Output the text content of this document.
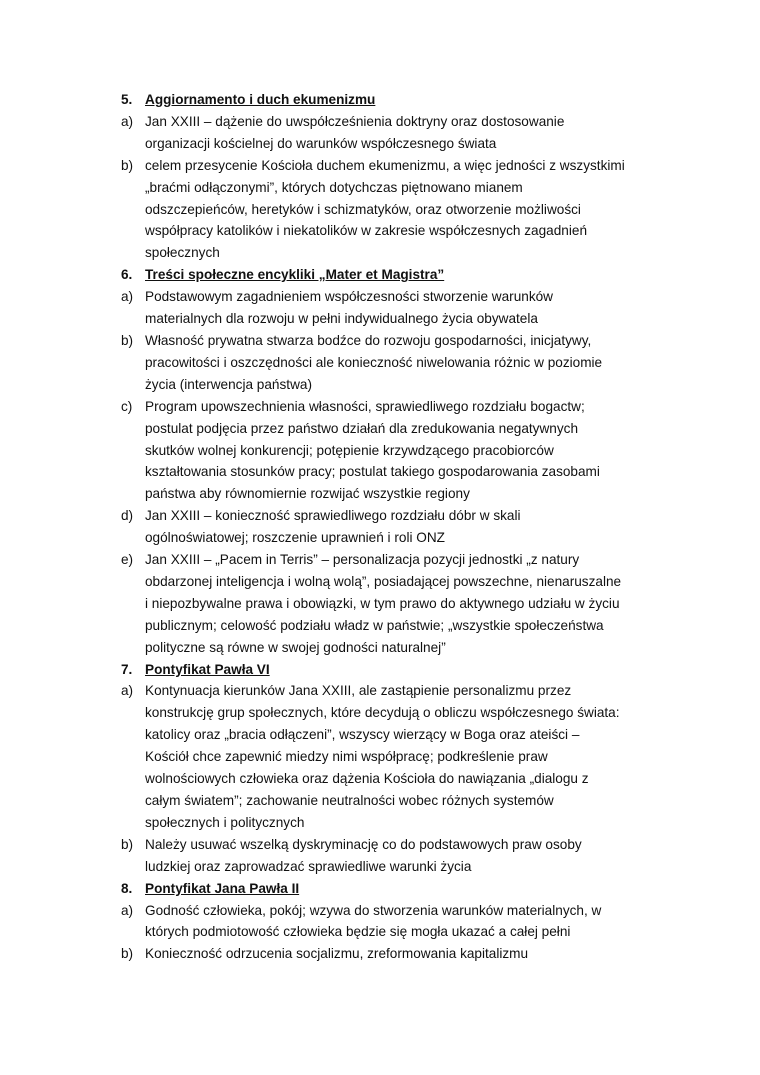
5. Aggiornamento i duch ekumenizmu
a) Jan XXIII – dążenie do uwspółcześnienia doktryny oraz dostosowanie organizacji kościelnej do warunków współczesnego świata
b) celem przesycenie Kościoła duchem ekumenizmu, a więc jedności z wszystkimi „braćmi odłączonymi”, których dotychczas piętnowano mianem odszczepieńców, heretyków i schizmatyków, oraz otworzenie możliwości współpracy katolików i niekatolików w zakresie współczesnych zagadnień społecznych
6. Treści społeczne encykliki „Mater et Magistra”
a) Podstawowym zagadnieniem współczesności stworzenie warunków materialnych dla rozwoju w pełni indywidualnego życia obywatela
b) Własność prywatna stwarza bodźce do rozwoju gospodarności, inicjatywy, pracowitości i oszczędności ale konieczność niwelowania różnic w poziomie życia (interwencja państwa)
c) Program upowszechnienia własności, sprawiedliwego rozdziału bogactw; postulat podjęcia przez państwo działań dla zredukowania negatywnych skutków wolnej konkurencji; potępienie krzywdzącego pracobiorców kształtowania stosunków pracy; postulat takiego gospodarowania zasobami państwa aby równomiernie rozwijać wszystkie regiony
d) Jan XXIII – konieczność sprawiedliwego rozdziału dóbr w skali ogólnoświatowej; roszczenie uprawnień i roli ONZ
e) Jan XXIII – „Pacem in Terris” – personalizacja pozycji jednostki „z natury obdarzonej inteligencja i wolną wolą”, posiadającej powszechne, nienaruszalne i niepozbywalne prawa i obowiązki, w tym prawo do aktywnego udziału w życiu publicznym; celowość podziału władz w państwie; „wszystkie społeczeństwa polityczne są równe w swojej godności naturalnej”
7. Pontyfikat Pawła VI
a) Kontynuacja kierunków Jana XXIII, ale zastąpienie personalizmu przez konstrukcję grup społecznych, które decydują o obliczu współczesnego świata: katolicy oraz „bracia odłączeni”, wszyscy wierzący w Boga oraz ateiści – Kościół chce zapewnić miedzy nimi współpracę; podkreślenie praw wolnościowych człowieka oraz dążenia Kościoła do nawiązania „dialogu z całym światem”; zachowanie neutralności wobec różnych systemów społecznych i politycznych
b) Należy usuwać wszelką dyskryminację co do podstawowych praw osoby ludzkiej oraz zaprowadzać sprawiedliwe warunki życia
8. Pontyfikat Jana Pawła II
a) Godność człowieka, pokój; wzywa do stworzenia warunków materialnych, w których podmiotowość człowieka będzie się mogła ukazać a całej pełni
b) Konieczność odrzucenia socjalizmu, zreformowania kapitalizmu
